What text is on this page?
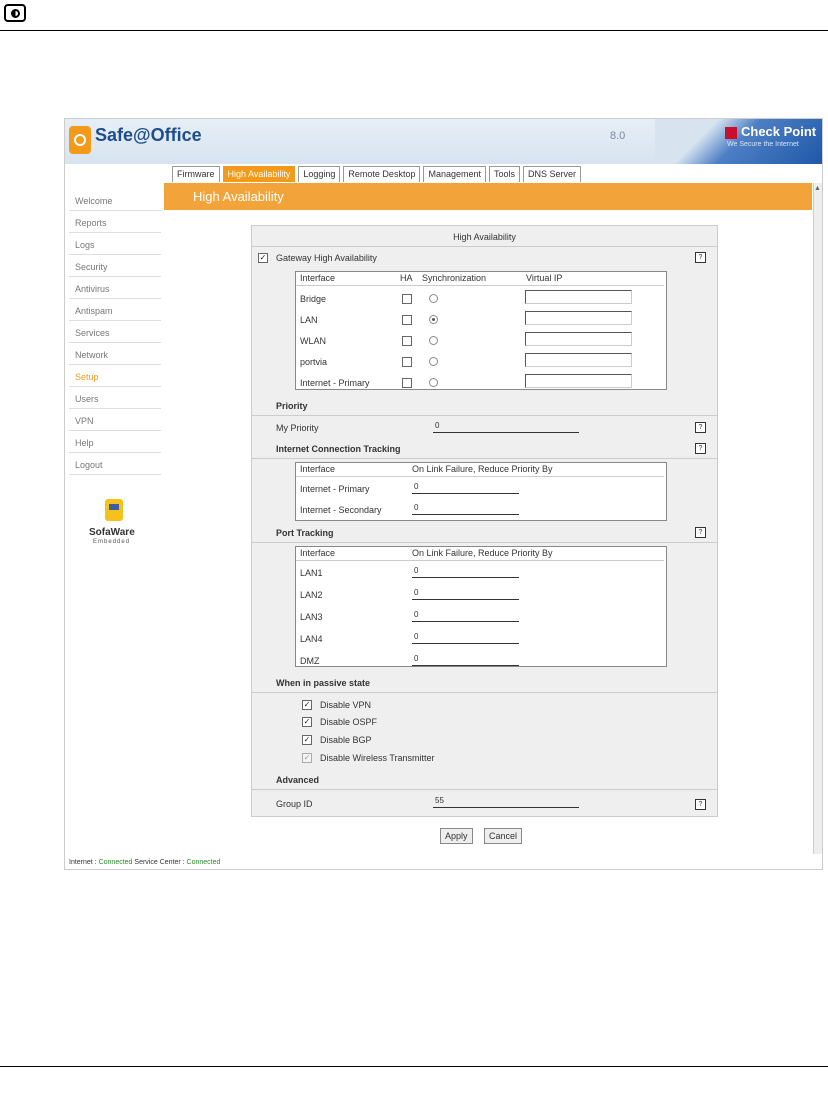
Safe@Office	8.0	Check Point
We Secure the Internet
Firmware	High Availability	Logging	Remote Desktop	Management	Tools	DNS Server
Welcome
Reports
Logs
Security
Antivirus
Antispam
Services
Network
Setup
Users
VPN
Help
Logout
SofaWare
Embedded
High Availability
▲
High Availability
✓ Gateway High Availability	?
Interface	HA Synchronization	Virtual IP
Bridge
LAN
WLAN
portvia
Internet - Primary
Priority
My Priority	0	?
Internet Connection Tracking	?
Interface	On Link Failure, Reduce Priority By
Internet - Primary	0
Internet - Secondary	0
Port Tracking	?
Interface	On Link Failure, Reduce Priority By
LAN1	0
LAN2	0
LAN3	0
LAN4	0
DMZ	0
When in passive state
✓ Disable VPN
✓ Disable OSPF
✓ Disable BGP
✓ Disable Wireless Transmitter
Advanced
Group ID	55	?
Apply	Cancel
Internet : Connected Service Center : Connected
